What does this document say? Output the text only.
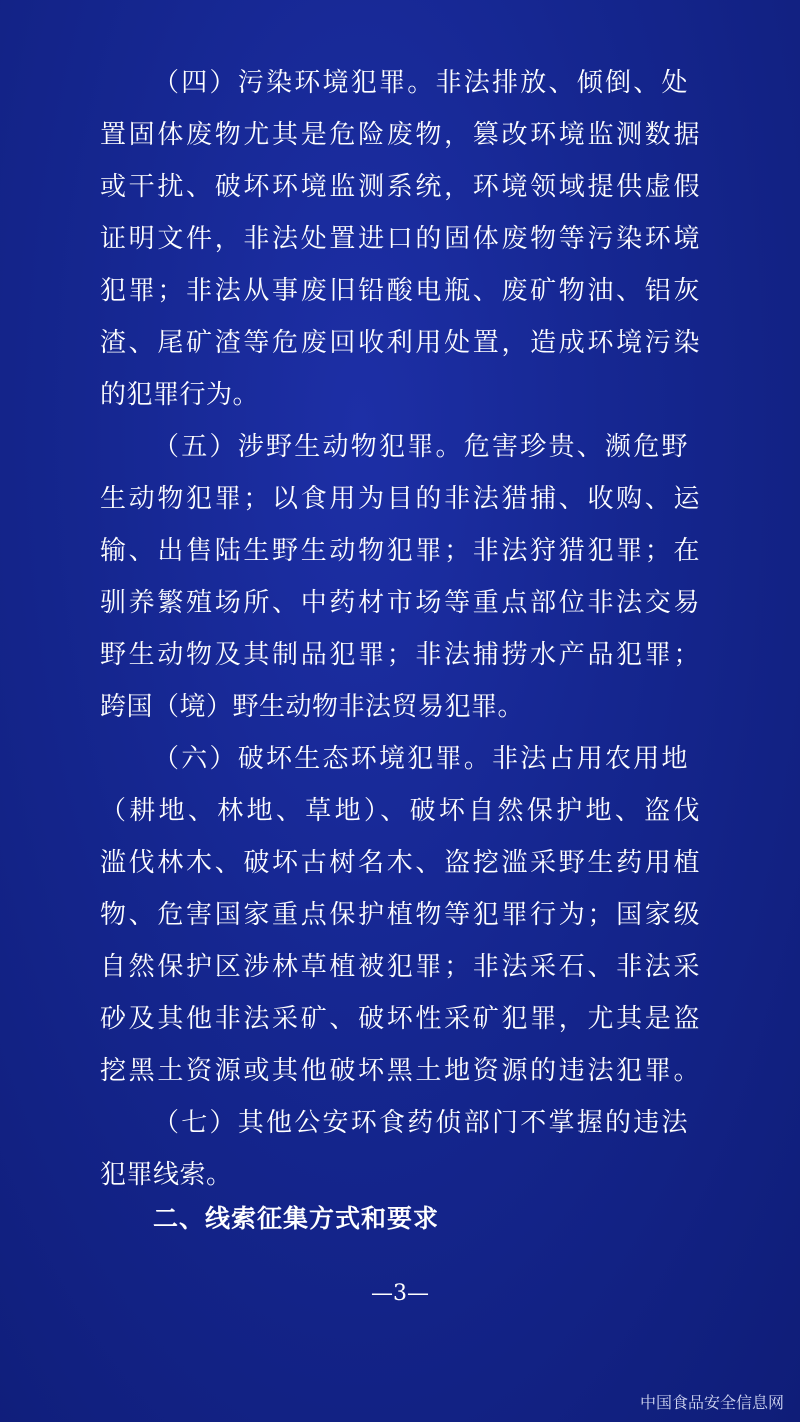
（四）污染环境犯罪。非法排放、倾倒、处
置固体废物尤其是危险废物，篡改环境监测数据
或干扰、破坏环境监测系统，环境领域提供虚假
证明文件，非法处置进口的固体废物等污染环境
犯罪；非法从事废旧铅酸电瓶、废矿物油、铝灰
渣、尾矿渣等危废回收利用处置，造成环境污染
的犯罪行为。
（五）涉野生动物犯罪。危害珍贵、濒危野
生动物犯罪；以食用为目的非法猎捕、收购、运
输、出售陆生野生动物犯罪；非法狩猎犯罪；在
驯养繁殖场所、中药材市场等重点部位非法交易
野生动物及其制品犯罪；非法捕捞水产品犯罪；
跨国（境）野生动物非法贸易犯罪。
（六）破坏生态环境犯罪。非法占用农用地
（耕地、林地、草地）、破坏自然保护地、盗伐
滥伐林木、破坏古树名木、盗挖滥采野生药用植
物、危害国家重点保护植物等犯罪行为；国家级
自然保护区涉林草植被犯罪；非法采石、非法采
砂及其他非法采矿、破坏性采矿犯罪，尤其是盗
挖黑土资源或其他破坏黑土地资源的违法犯罪。
（七）其他公安环食药侦部门不掌握的违法
犯罪线索。
二、线索征集方式和要求
—3—
中国食品安全信息网
